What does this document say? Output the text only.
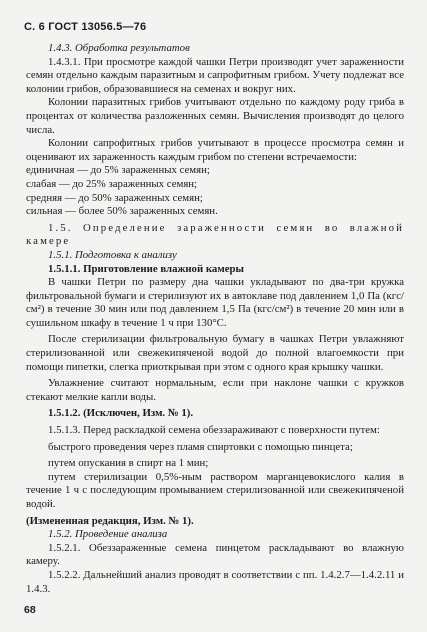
С. 6 ГОСТ 13056.5—76

1.4.3. Обработка результатов

1.4.3.1. При просмотре каждой чашки Петри производят учет зараженности семян отдельно каждым паразитным и сапрофитным грибом. Учету подлежат все колонии грибов, образовавшиеся на семенах и вокруг них.

Колонии паразитных грибов учитывают отдельно по каждому роду гриба в процентах от количества разложенных семян. Вычисления производят до целого числа.

Колонии сапрофитных грибов учитывают в процессе просмотра семян и оценивают их зараженность каждым грибом по степени встречаемости:

единичная — до 5% зараженных семян;

слабая — до 25% зараженных семян;

средняя — до 50% зараженных семян;

сильная — более 50% зараженных семян.

1.5. Определение зараженности семян во влажной камере

1.5.1. Подготовка к анализу

1.5.1.1. Приготовление влажной камеры

В чашки Петри по размеру дна чашки укладывают по два-три кружка фильтровальной бумаги и стерилизуют их в автоклаве под давлением 1,0 Па (кгс/см²) в течение 30 мин или под давлением 1,5 Па (кгс/см²) в течение 20 мин или в сушильном шкафу в течение 1 ч при 130°С.

После стерилизации фильтровальную бумагу в чашках Петри увлажняют стерилизованной или свежекипяченой водой до полной влагоемкости при помощи пипетки, слегка приоткрывая при этом с одного края крышку чашки.

Увлажнение считают нормальным, если при наклоне чашки с кружков стекают мелкие капли воды.

1.5.1.2. (Исключен, Изм. № 1).

1.5.1.3. Перед раскладкой семена обеззараживают с поверхности путем:

быстрого проведения через пламя спиртовки с помощью пинцета;

путем опускания в спирт на 1 мин;

путем стерилизации 0,5%-ным раствором марганцевокислого калия в течение 1 ч с последующим промыванием стерилизованной или свежекипяченой водой.

(Измененная редакция, Изм. № 1).

1.5.2. Проведение анализа

1.5.2.1. Обеззараженные семена пинцетом раскладывают во влажную камеру.

1.5.2.2. Дальнейший анализ проводят в соответствии с пп. 1.4.2.7—1.4.2.11 и 1.4.3.

68
